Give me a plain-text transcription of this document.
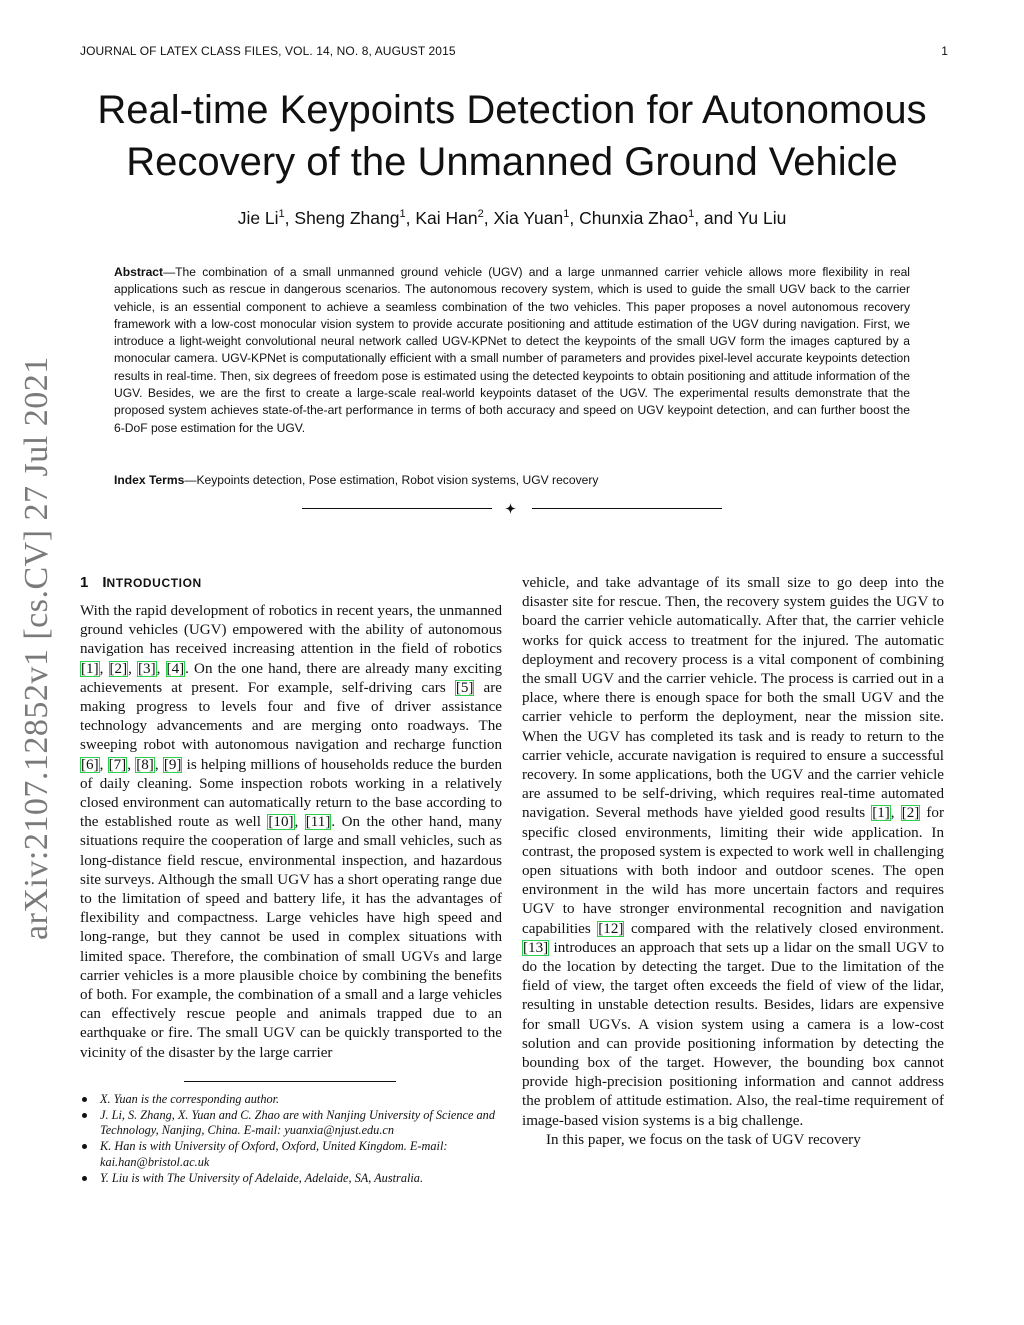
JOURNAL OF LATEX CLASS FILES, VOL. 14, NO. 8, AUGUST 2015	1
arXiv:2107.12852v1 [cs.CV] 27 Jul 2021
Real-time Keypoints Detection for Autonomous
Recovery of the Unmanned Ground Vehicle
Jie Li$^1$, Sheng Zhang$^1$, Kai Han$^2$, Xia Yuan$^1$, Chunxia Zhao$^1$, and Yu Liu

Abstract—The combination of a small unmanned ground vehicle (UGV) and a large unmanned carrier vehicle allows more flexibility in real applications such as rescue in dangerous scenarios. The autonomous recovery system, which is used to guide the small UGV back to the carrier vehicle, is an essential component to achieve a seamless combination of the two vehicles. This paper proposes a novel autonomous recovery framework with a low-cost monocular vision system to provide accurate positioning and attitude estimation of the UGV during navigation. First, we introduce a light-weight convolutional neural network called UGV-KPNet to detect the keypoints of the small UGV form the images captured by a monocular camera. UGV-KPNet is computationally efficient with a small number of parameters and provides pixel-level accurate keypoints detection results in real-time. Then, six degrees of freedom pose is estimated using the detected keypoints to obtain positioning and attitude information of the UGV. Besides, we are the first to create a large-scale real-world keypoints dataset of the UGV. The experimental results demonstrate that the proposed system achieves state-of-the-art performance in terms of both accuracy and speed on UGV keypoint detection, and can further boost the 6-DoF pose estimation for the UGV.

Index Terms—Keypoints detection, Pose estimation, Robot vision systems, UGV recovery
1 INTRODUCTION

With the rapid development of robotics in recent years, the unmanned ground vehicles (UGV) empowered with the ability of autonomous navigation has received increasing attention in the field of robotics [1], [2], [3], [4]. On the one hand, there are already many exciting achievements at present. For example, self-driving cars [5] are making progress to levels four and five of driver assistance technology advancements and are merging onto roadways. The sweeping robot with autonomous navigation and recharge function [6], [7], [8], [9] is helping millions of households reduce the burden of daily cleaning. Some inspection robots working in a relatively closed environment can automatically return to the base according to the established route as well [10], [11]. On the other hand, many situations require the cooperation of large and small vehicles, such as long-distance field rescue, environmental inspection, and hazardous site surveys. Although the small UGV has a short operating range due to the limitation of speed and battery life, it has the advantages of flexibility and compactness. Large vehicles have high speed and long-range, but they cannot be used in complex situations with limited space. Therefore, the combination of small UGVs and large carrier vehicles is a more plausible choice by combining the benefits of both. For example, the combination of a small and a large vehicles can effectively rescue people and animals trapped due to an earthquake or fire. The small UGV can be quickly transported to the vicinity of the disaster by the large carrier

X. Yuan is the corresponding author.
J. Li, S. Zhang, X. Yuan and C. Zhao are with Nanjing University of Science and Technology, Nanjing, China. E-mail: yuanxia@njust.edu.cn
K. Han is with University of Oxford, Oxford, United Kingdom. E-mail: kai.han@bristol.ac.uk
Y. Liu is with The University of Adelaide, Adelaide, SA, Australia.

vehicle, and take advantage of its small size to go deep into the disaster site for rescue. Then, the recovery system guides the UGV to board the carrier vehicle automatically. After that, the carrier vehicle works for quick access to treatment for the injured. The automatic deployment and recovery process is a vital component of combining the small UGV and the carrier vehicle. The process is carried out in a place, where there is enough space for both the small UGV and the carrier vehicle to perform the deployment, near the mission site. When the UGV has completed its task and is ready to return to the carrier vehicle, accurate navigation is required to ensure a successful recovery. In some applications, both the UGV and the carrier vehicle are assumed to be self-driving, which requires real-time automated navigation. Several methods have yielded good results [1], [2] for specific closed environments, limiting their wide application. In contrast, the proposed system is expected to work well in challenging open situations with both indoor and outdoor scenes. The open environment in the wild has more uncertain factors and requires UGV to have stronger environmental recognition and navigation capabilities [12] compared with the relatively closed environment. [13] introduces an approach that sets up a lidar on the small UGV to do the location by detecting the target. Due to the limitation of the field of view, the target often exceeds the field of view of the lidar, resulting in unstable detection results. Besides, lidars are expensive for small UGVs. A vision system using a camera is a low-cost solution and can provide positioning information by detecting the bounding box of the target. However, the bounding box cannot provide high-precision positioning information and cannot address the problem of attitude estimation. Also, the real-time requirement of image-based vision systems is a big challenge.

In this paper, we focus on the task of UGV recovery
